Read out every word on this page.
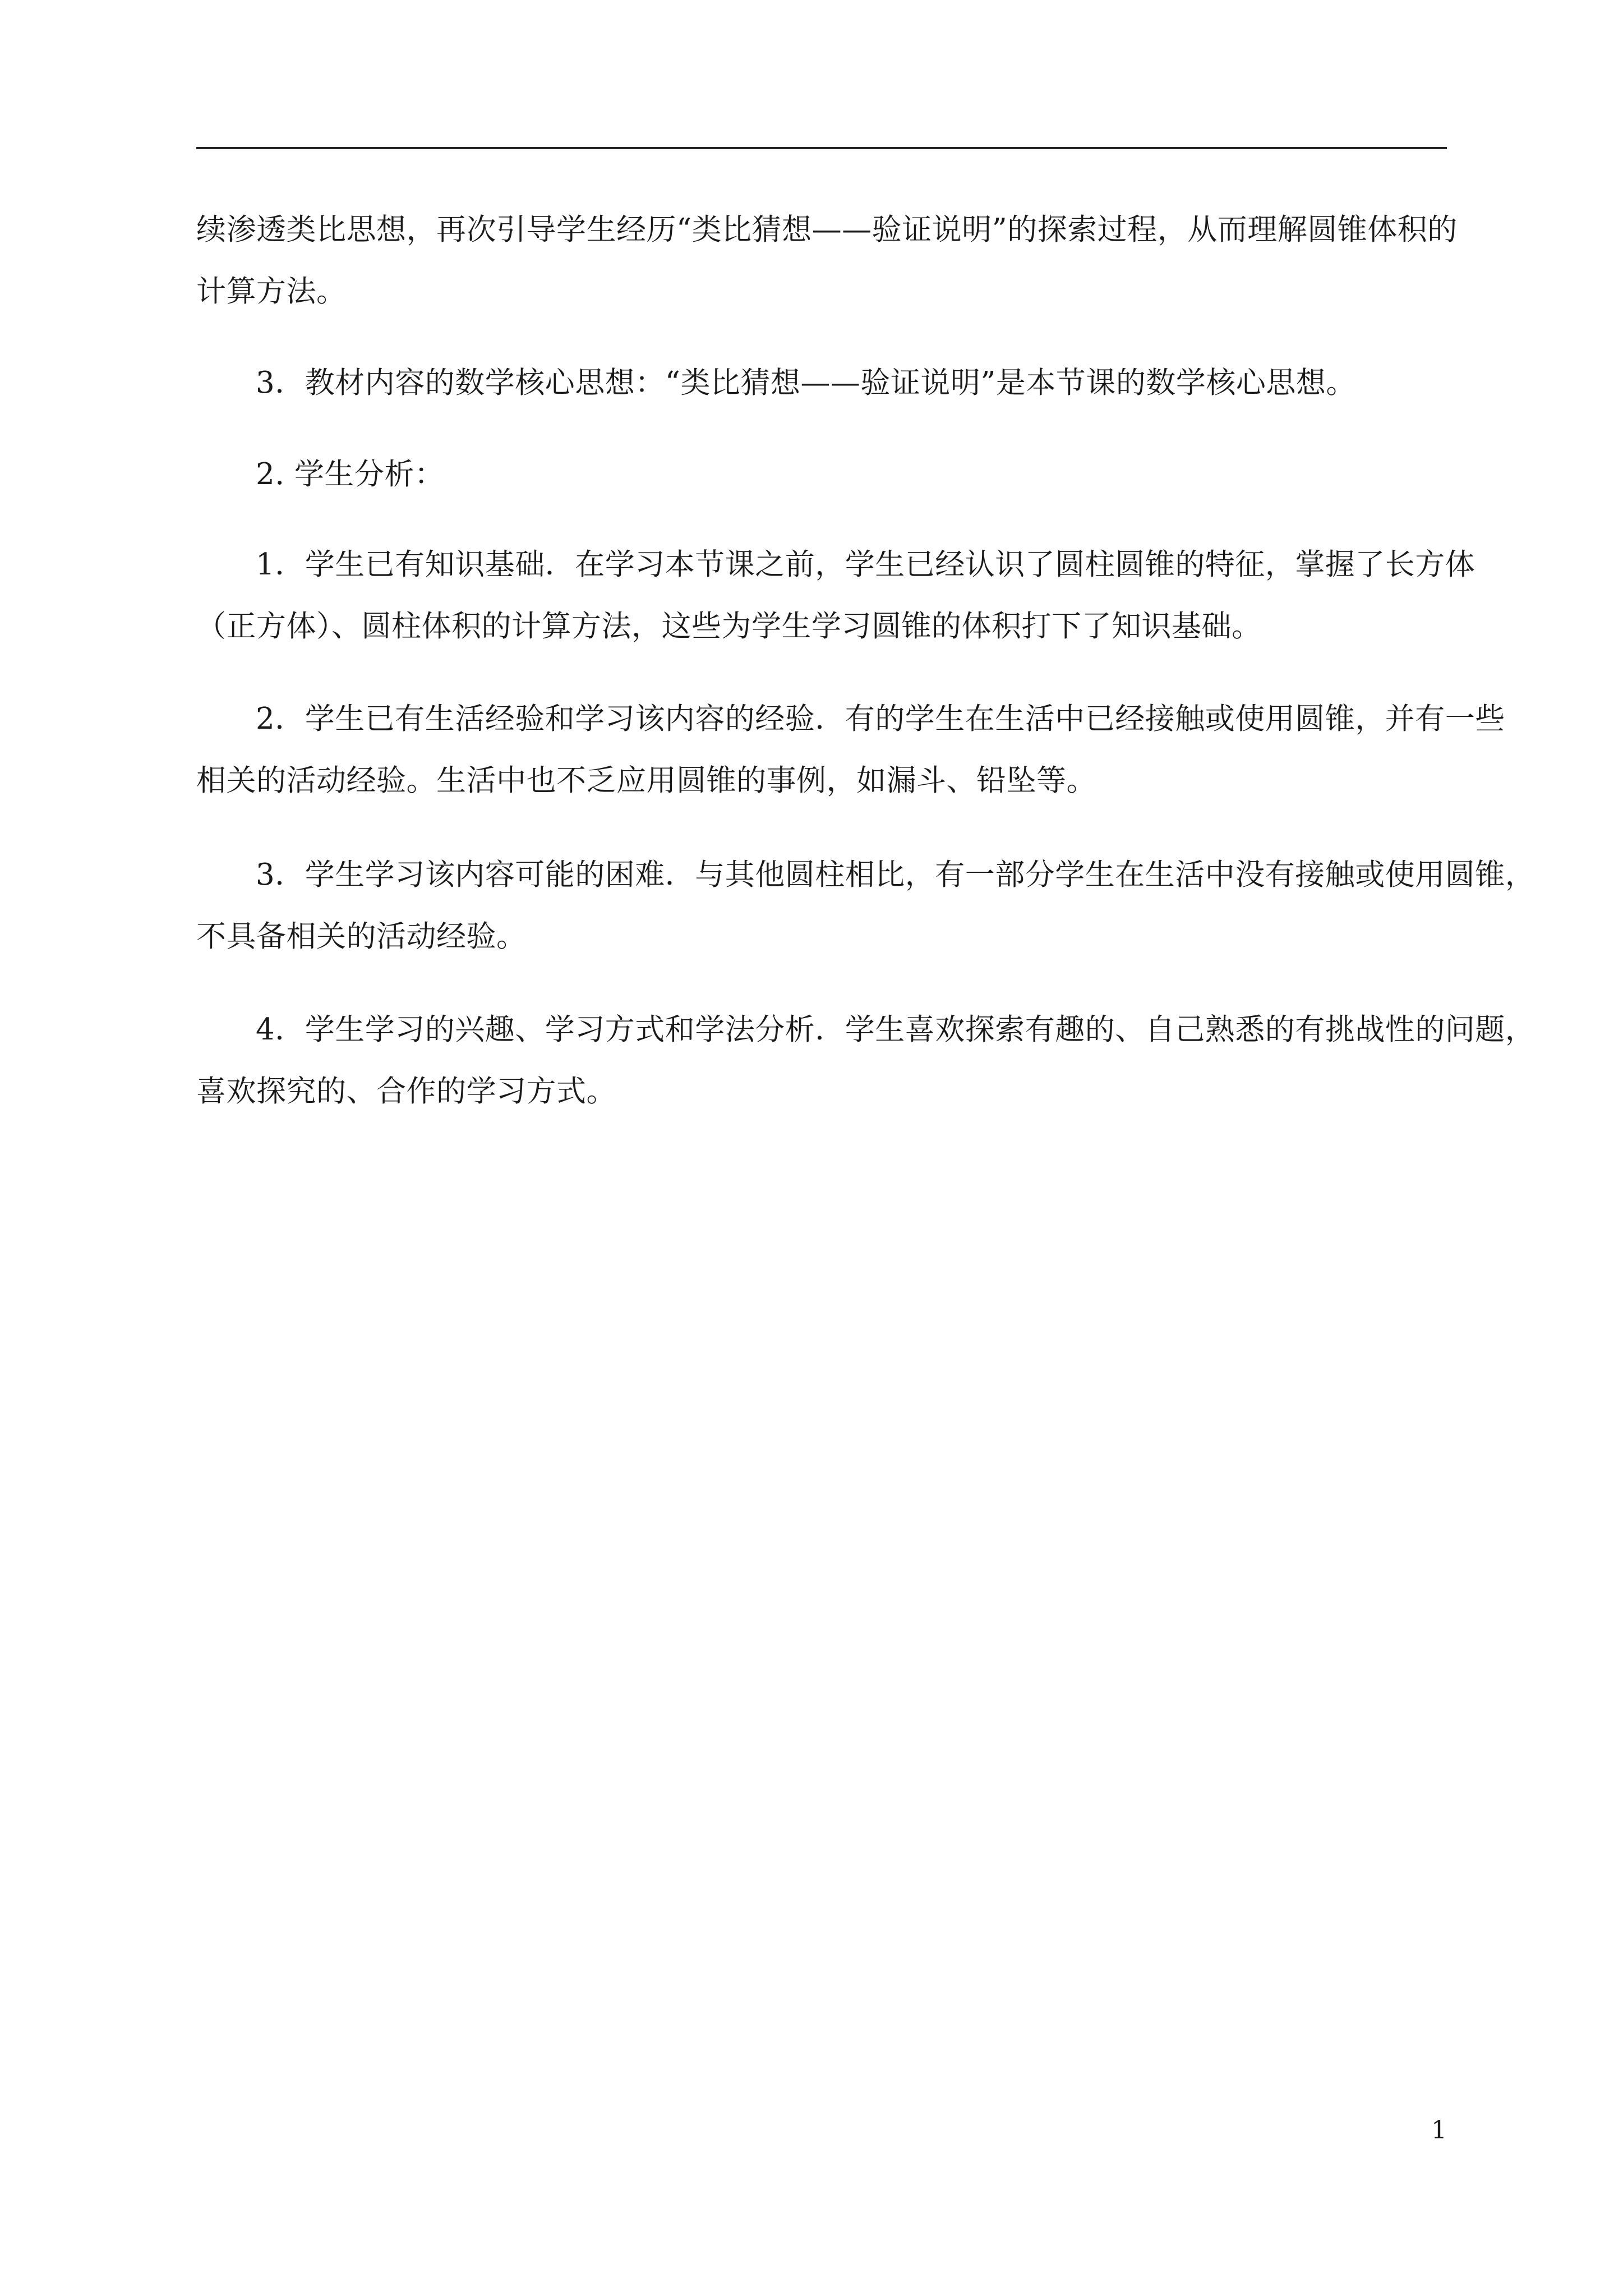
续渗透类比思想，再次引导学生经历“类比猜想——验证说明”的探索过程，从而理解圆锥体积的
计算方法。
3．教材内容的数学核心思想：“类比猜想——验证说明”是本节课的数学核心思想。
2. 学生分析：
1．学生已有知识基础．在学习本节课之前，学生已经认识了圆柱圆锥的特征，掌握了长方体
（正方体）、圆柱体积的计算方法，这些为学生学习圆锥的体积打下了知识基础。
2．学生已有生活经验和学习该内容的经验．有的学生在生活中已经接触或使用圆锥，并有一些
相关的活动经验。生活中也不乏应用圆锥的事例，如漏斗、铅坠等。
3．学生学习该内容可能的困难．与其他圆柱相比，有一部分学生在生活中没有接触或使用圆锥，
不具备相关的活动经验。
4．学生学习的兴趣、学习方式和学法分析．学生喜欢探索有趣的、自己熟悉的有挑战性的问题，
喜欢探究的、合作的学习方式。
1
